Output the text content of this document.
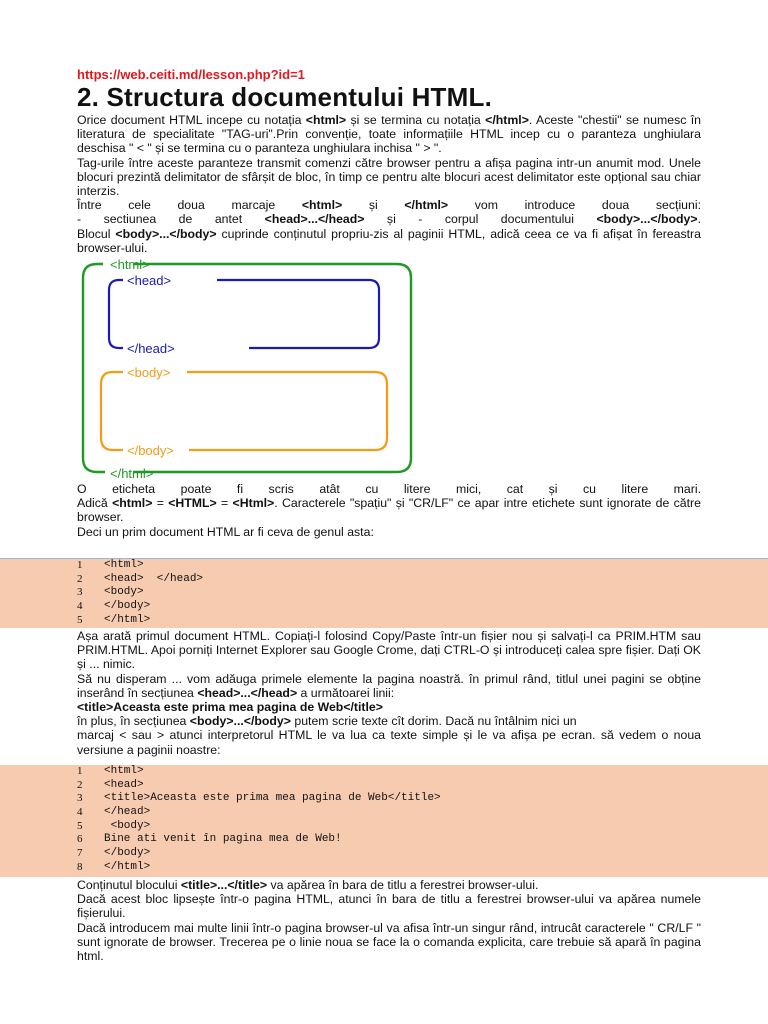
https://web.ceiti.md/lesson.php?id=1
2. Structura documentului HTML.

Orice document HTML incepe cu notația <html> și se termina cu notația </html>. Aceste "chestii" se numesc în literatura de specialitate "TAG-uri".Prin convenție, toate informațiile HTML incep cu o paranteza unghiulara deschisa " < " și se termina cu o paranteza unghiulara inchisa " > ".

Tag-urile între aceste paranteze transmit comenzi către browser pentru a afișa pagina intr-un anumit mod. Unele blocuri prezintă delimitator de sfârșit de bloc, în timp ce pentru alte blocuri acest delimitator este opțional sau chiar interzis.

Între cele doua marcaje <html> și </html> vom introduce doua secțiuni:

- sectiunea de antet <head>...</head> și - corpul documentului <body>...</body>.

Blocul <body>...</body> cuprinde conținutul propriu-zis al paginii HTML, adică ceea ce va fi afișat în fereastra browser-ului.

<html>
</html>
<head>
</head>
<body>
</body>

O eticheta poate fi scris atât cu litere mici, cat și cu litere mari.

Adică <html> = <HTML> = <Html>. Caracterele "spațiu" și "CR/LF" ce apar intre etichete sunt ignorate de către browser.

Deci un prim document HTML ar fi ceva de genul asta:

1 <html>
2 <head>  </head>
3 <body>
4 </body>
5 </html>

Așa arată primul document HTML. Copiați-l folosind Copy/Paste într-un fișier nou și salvați-l ca PRIM.HTM sau PRIM.HTML. Apoi porniți Internet Explorer sau Google Crome, dați CTRL-O și introduceți calea spre fișier. Dați OK și ... nimic.

Să nu disperam ... vom adăuga primele elemente la pagina noastră. în primul rând, titlul unei pagini se obține inserând în secțiunea <head>...</head> a următoarei linii:

<title>Aceasta este prima mea pagina de Web</title>

în plus, în secțiunea <body>...</body> putem scrie texte cît dorim. Dacă nu întâlnim nici un

marcaj < sau > atunci interpretorul HTML le va lua ca texte simple și le va afișa pe ecran. să vedem o noua versiune a paginii noastre:

1 <html>
2 <head>
3 <title>Aceasta este prima mea pagina de Web</title>
4 </head>
5 <body>
6 Bine ati venit în pagina mea de Web!
7 </body>
8 </html>

Conținutul blocului <title>...</title> va apărea în bara de titlu a ferestrei browser-ului.

Dacă acest bloc lipsește într-o pagina HTML, atunci în bara de titlu a ferestrei browser-ului va apărea numele fișierului.

Dacă introducem mai multe linii într-o pagina browser-ul va afisa într-un singur rând, intrucât caracterele " CR/LF " sunt ignorate de browser. Trecerea pe o linie noua se face la o comanda explicita, care trebuie să apară în pagina html.
